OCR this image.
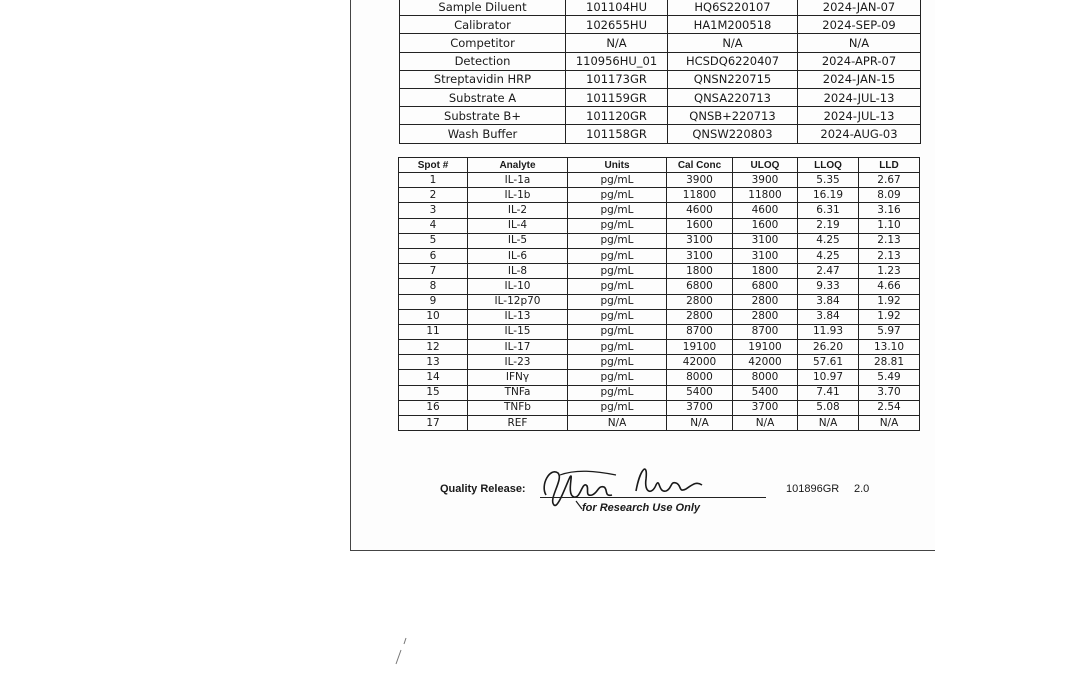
Sample Diluent	101104HU	HQ6S220107	2024-JAN-07
Calibrator	102655HU	HA1M200518	2024-SEP-09
Competitor	N/A	N/A	N/A
Detection	110956HU_01	HCSDQ6220407	2024-APR-07
Streptavidin HRP	101173GR	QNSN220715	2024-JAN-15
Substrate A	101159GR	QNSA220713	2024-JUL-13
Substrate B+	101120GR	QNSB+220713	2024-JUL-13
Wash Buffer	101158GR	QNSW220803	2024-AUG-03
Spot #	Analyte	Units	Cal Conc	ULOQ	LLOQ	LLD
1	IL-1a	pg/mL	3900	3900	5.35	2.67
2	IL-1b	pg/mL	11800	11800	16.19	8.09
3	IL-2	pg/mL	4600	4600	6.31	3.16
4	IL-4	pg/mL	1600	1600	2.19	1.10
5	IL-5	pg/mL	3100	3100	4.25	2.13
6	IL-6	pg/mL	3100	3100	4.25	2.13
7	IL-8	pg/mL	1800	1800	2.47	1.23
8	IL-10	pg/mL	6800	6800	9.33	4.66
9	IL-12p70	pg/mL	2800	2800	3.84	1.92
10	IL-13	pg/mL	2800	2800	3.84	1.92
11	IL-15	pg/mL	8700	8700	11.93	5.97
12	IL-17	pg/mL	19100	19100	26.20	13.10
13	IL-23	pg/mL	42000	42000	57.61	28.81
14	IFNγ	pg/mL	8000	8000	10.97	5.49
15	TNFa	pg/mL	5400	5400	7.41	3.70
16	TNFb	pg/mL	3700	3700	5.08	2.54
17	REF	N/A	N/A	N/A	N/A	N/A
Quality Release:
for Research Use Only
101896GR 2.0
